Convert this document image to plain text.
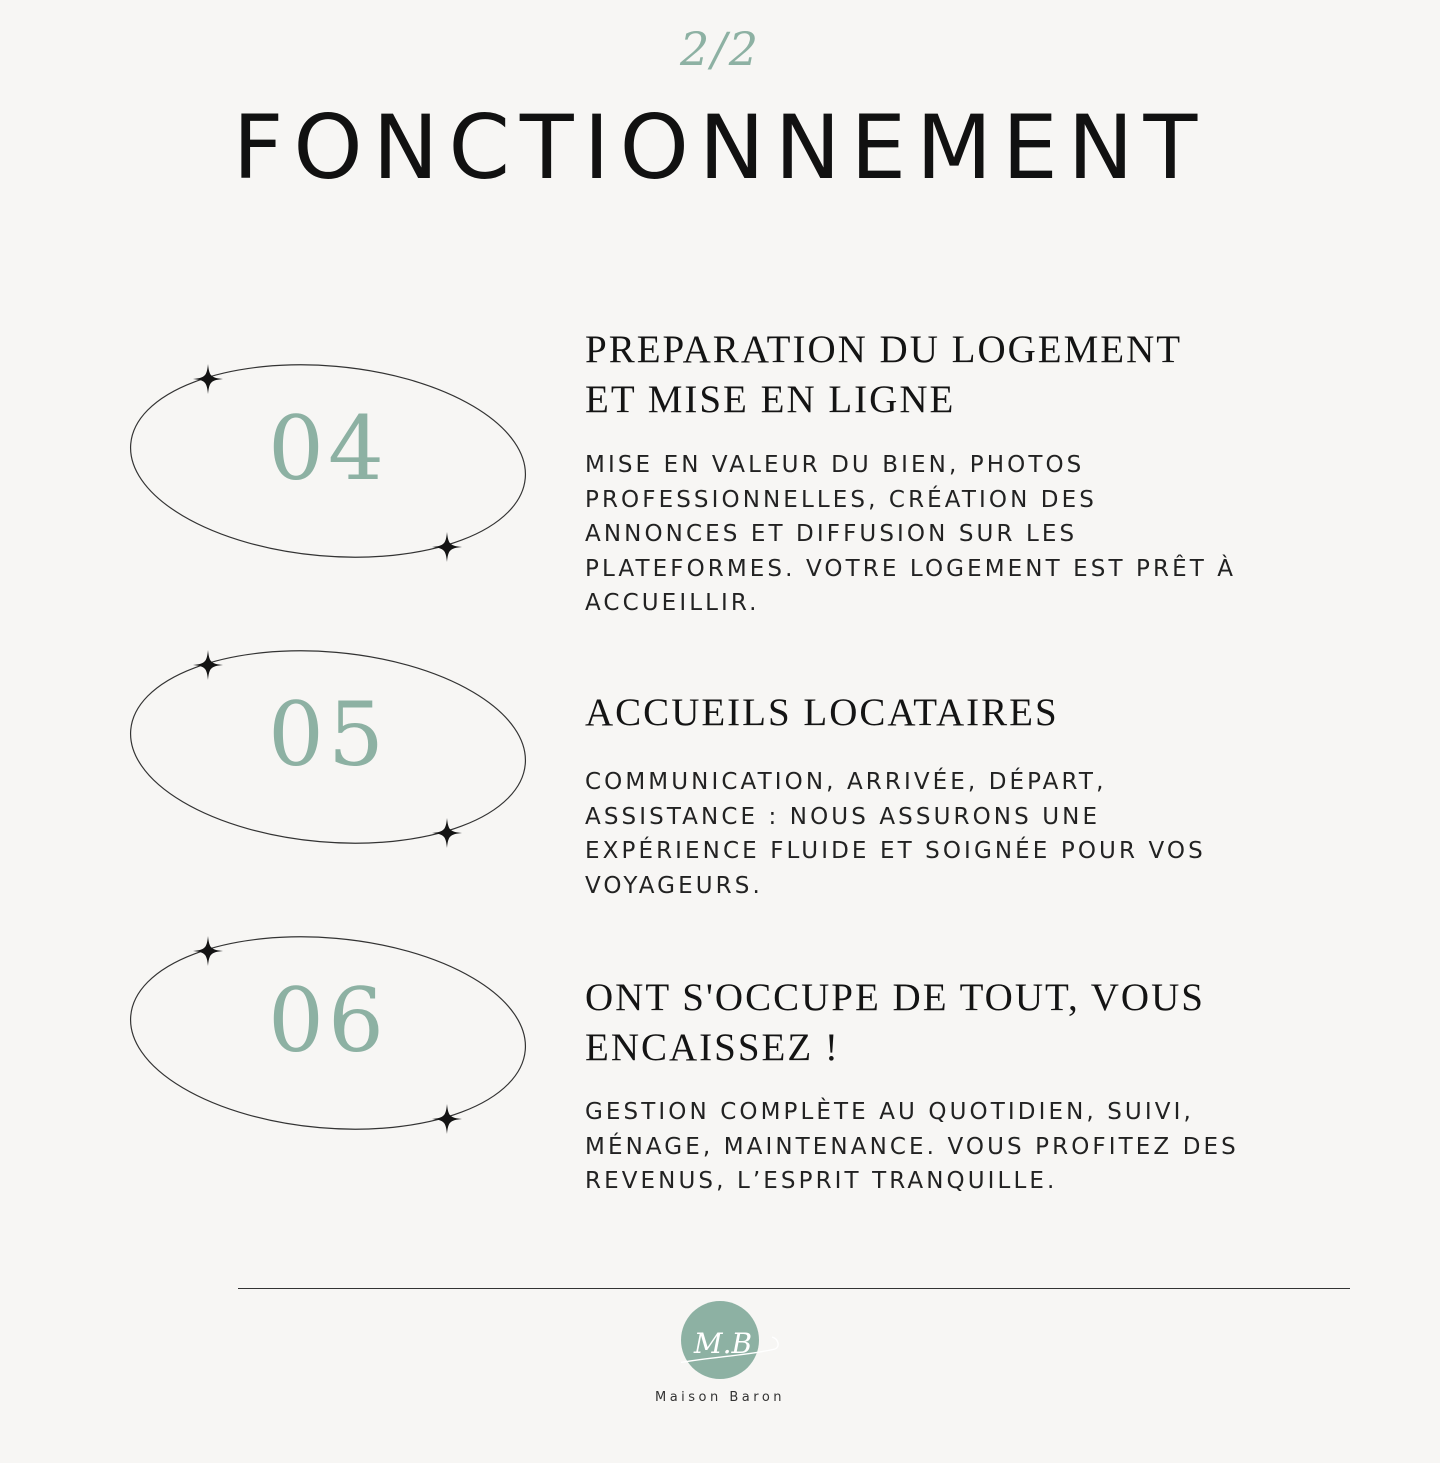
2/2
FONCTIONNEMENT
04
PREPARATION DU LOGEMENT
ET MISE EN LIGNE

MISE EN VALEUR DU BIEN, PHOTOS
PROFESSIONNELLES, CRÉATION DES
ANNONCES ET DIFFUSION SUR LES
PLATEFORMES. VOTRE LOGEMENT EST PRÊT À
ACCUEILLIR.

05	ACCUEILS LOCATAIRES

COMMUNICATION, ARRIVÉE, DÉPART,
ASSISTANCE : NOUS ASSURONS UNE
EXPÉRIENCE FLUIDE ET SOIGNÉE POUR VOS
VOYAGEURS.

06	ONT S'OCCUPE DE TOUT, VOUS
ENCAISSEZ !

GESTION COMPLÈTE AU QUOTIDIEN, SUIVI,
MÉNAGE, MAINTENANCE. VOUS PROFITEZ DES
REVENUS, L’ESPRIT TRANQUILLE.

M.B
Maison Baron
